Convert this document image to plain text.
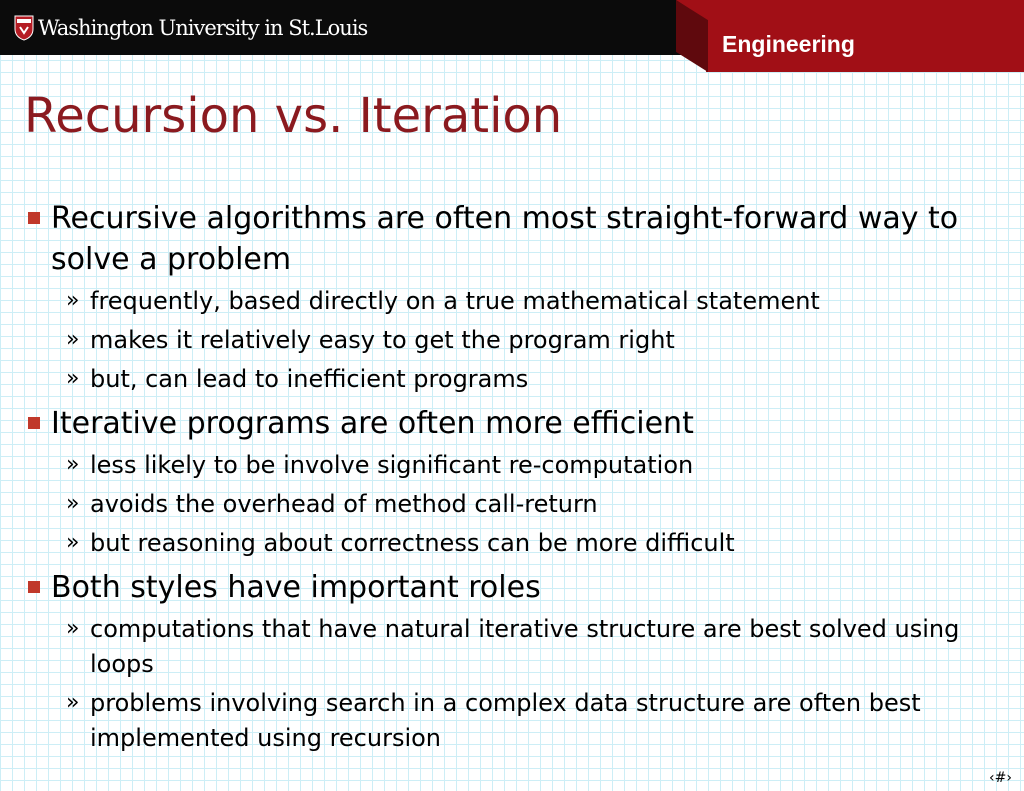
Washington University in St.Louis
Engineering
Recursion vs. Iteration
Recursive algorithms are often most straight-forward way to solve a problem
» frequently, based directly on a true mathematical statement
» makes it relatively easy to get the program right
» but, can lead to inefficient programs
Iterative programs are often more efficient
» less likely to be involve significant re-computation
» avoids the overhead of method call-return
» but reasoning about correctness can be more difficult
Both styles have important roles
» computations that have natural iterative structure are best solved using loops
» problems involving search in a complex data structure are often best implemented using recursion
‹#›
